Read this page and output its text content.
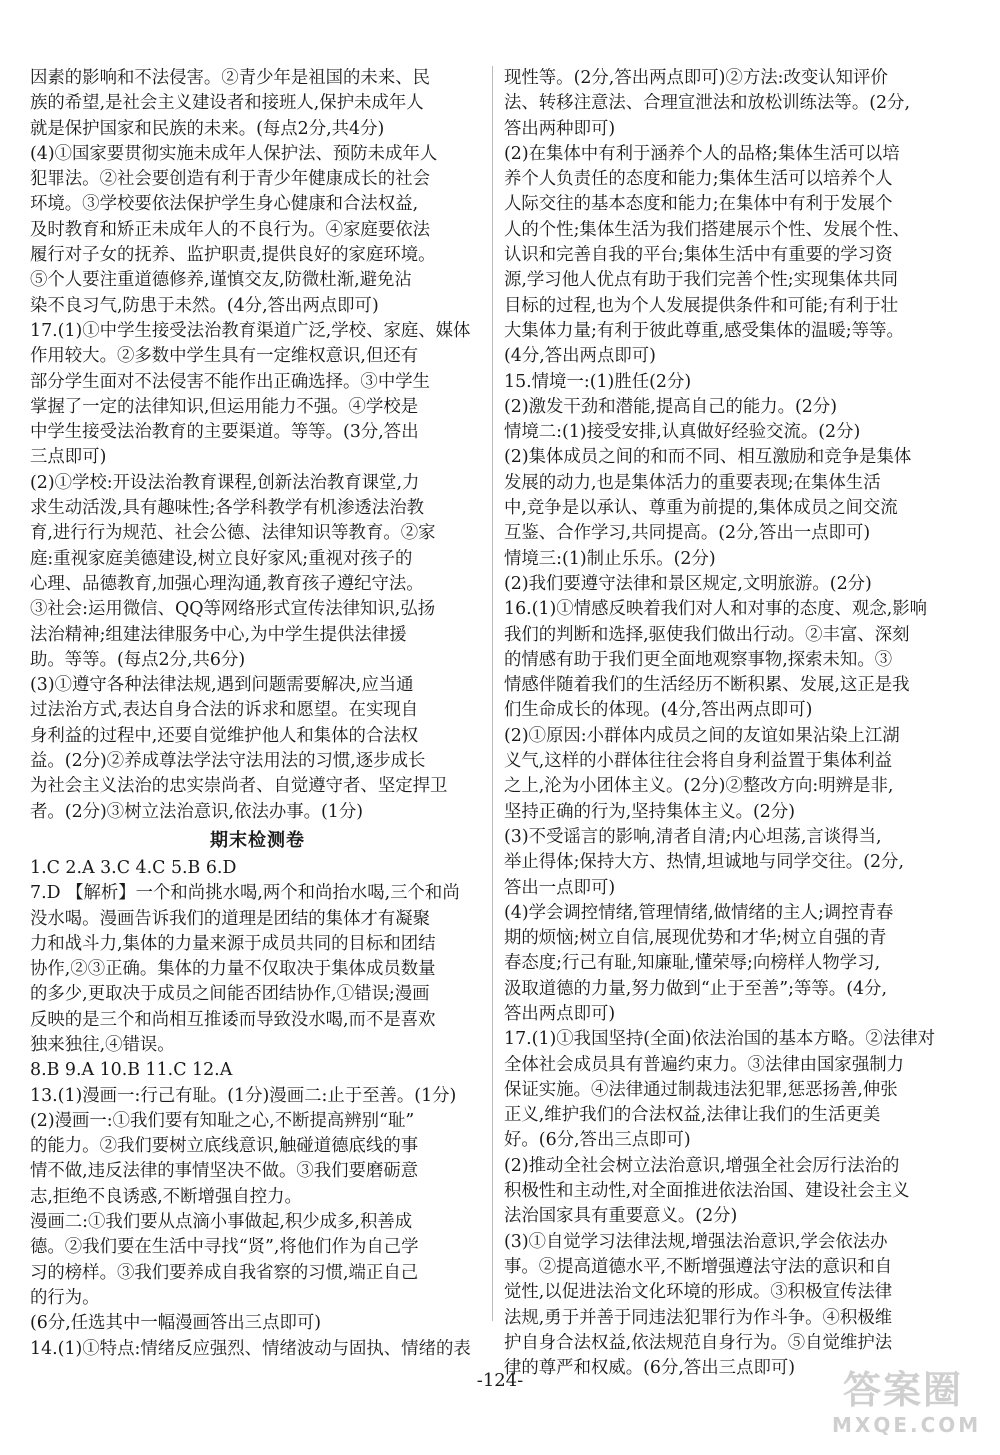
因素的影响和不法侵害。②青少年是祖国的未来、民
族的希望,是社会主义建设者和接班人,保护未成年人
就是保护国家和民族的未来。(每点2分,共4分)
(4)①国家要贯彻实施未成年人保护法、预防未成年人
犯罪法。②社会要创造有利于青少年健康成长的社会
环境。③学校要依法保护学生身心健康和合法权益,
及时教育和矫正未成年人的不良行为。④家庭要依法
履行对子女的抚养、监护职责,提供良好的家庭环境。
⑤个人要注重道德修养,谨慎交友,防微杜渐,避免沾
染不良习气,防患于未然。(4分,答出两点即可)
17.(1)①中学生接受法治教育渠道广泛,学校、家庭、媒体
作用较大。②多数中学生具有一定维权意识,但还有
部分学生面对不法侵害不能作出正确选择。③中学生
掌握了一定的法律知识,但运用能力不强。④学校是
中学生接受法治教育的主要渠道。等等。(3分,答出
三点即可)
(2)①学校:开设法治教育课程,创新法治教育课堂,力
求生动活泼,具有趣味性;各学科教学有机渗透法治教
育,进行行为规范、社会公德、法律知识等教育。②家
庭:重视家庭美德建设,树立良好家风;重视对孩子的
心理、品德教育,加强心理沟通,教育孩子遵纪守法。
③社会:运用微信、QQ等网络形式宣传法律知识,弘扬
法治精神;组建法律服务中心,为中学生提供法律援
助。等等。(每点2分,共6分)
(3)①遵守各种法律法规,遇到问题需要解决,应当通
过法治方式,表达自身合法的诉求和愿望。在实现自
身利益的过程中,还要自觉维护他人和集体的合法权
益。(2分)②养成尊法学法守法用法的习惯,逐步成长
为社会主义法治的忠实崇尚者、自觉遵守者、坚定捍卫
者。(2分)③树立法治意识,依法办事。(1分)
期末检测卷
1.C 2.A 3.C 4.C 5.B 6.D
7.D 【解析】一个和尚挑水喝,两个和尚抬水喝,三个和尚
没水喝。漫画告诉我们的道理是团结的集体才有凝聚
力和战斗力,集体的力量来源于成员共同的目标和团结
协作,②③正确。集体的力量不仅取决于集体成员数量
的多少,更取决于成员之间能否团结协作,①错误;漫画
反映的是三个和尚相互推诿而导致没水喝,而不是喜欢
独来独往,④错误。
8.B 9.A 10.B 11.C 12.A
13.(1)漫画一:行己有耻。(1分)漫画二:止于至善。(1分)
(2)漫画一:①我们要有知耻之心,不断提高辨别“耻”
的能力。②我们要树立底线意识,触碰道德底线的事
情不做,违反法律的事情坚决不做。③我们要磨砺意
志,拒绝不良诱惑,不断增强自控力。
漫画二:①我们要从点滴小事做起,积少成多,积善成
德。②我们要在生活中寻找“贤”,将他们作为自己学
习的榜样。③我们要养成自我省察的习惯,端正自己
的行为。
(6分,任选其中一幅漫画答出三点即可)
14.(1)①特点:情绪反应强烈、情绪波动与固执、情绪的表
现性等。(2分,答出两点即可)②方法:改变认知评价
法、转移注意法、合理宣泄法和放松训练法等。(2分,
答出两种即可)
(2)在集体中有利于涵养个人的品格;集体生活可以培
养个人负责任的态度和能力;集体生活可以培养个人
人际交往的基本态度和能力;在集体中有利于发展个
人的个性;集体生活为我们搭建展示个性、发展个性、
认识和完善自我的平台;集体生活中有重要的学习资
源,学习他人优点有助于我们完善个性;实现集体共同
目标的过程,也为个人发展提供条件和可能;有利于壮
大集体力量;有利于彼此尊重,感受集体的温暖;等等。
(4分,答出两点即可)
15.情境一:(1)胜任(2分)
(2)激发干劲和潜能,提高自己的能力。(2分)
情境二:(1)接受安排,认真做好经验交流。(2分)
(2)集体成员之间的和而不同、相互激励和竞争是集体
发展的动力,也是集体活力的重要表现;在集体生活
中,竞争是以承认、尊重为前提的,集体成员之间交流
互鉴、合作学习,共同提高。(2分,答出一点即可)
情境三:(1)制止乐乐。(2分)
(2)我们要遵守法律和景区规定,文明旅游。(2分)
16.(1)①情感反映着我们对人和对事的态度、观念,影响
我们的判断和选择,驱使我们做出行动。②丰富、深刻
的情感有助于我们更全面地观察事物,探索未知。③
情感伴随着我们的生活经历不断积累、发展,这正是我
们生命成长的体现。(4分,答出两点即可)
(2)①原因:小群体内成员之间的友谊如果沾染上江湖
义气,这样的小群体往往会将自身利益置于集体利益
之上,沦为小团体主义。(2分)②整改方向:明辨是非,
坚持正确的行为,坚持集体主义。(2分)
(3)不受谣言的影响,清者自清;内心坦荡,言谈得当,
举止得体;保持大方、热情,坦诚地与同学交往。(2分,
答出一点即可)
(4)学会调控情绪,管理情绪,做情绪的主人;调控青春
期的烦恼;树立自信,展现优势和才华;树立自强的青
春态度;行己有耻,知廉耻,懂荣辱;向榜样人物学习,
汲取道德的力量,努力做到“止于至善”;等等。(4分,
答出两点即可)
17.(1)①我国坚持(全面)依法治国的基本方略。②法律对
全体社会成员具有普遍约束力。③法律由国家强制力
保证实施。④法律通过制裁违法犯罪,惩恶扬善,伸张
正义,维护我们的合法权益,法律让我们的生活更美
好。(6分,答出三点即可)
(2)推动全社会树立法治意识,增强全社会厉行法治的
积极性和主动性,对全面推进依法治国、建设社会主义
法治国家具有重要意义。(2分)
(3)①自觉学习法律法规,增强法治意识,学会依法办
事。②提高道德水平,不断增强遵法守法的意识和自
觉性,以促进法治文化环境的形成。③积极宣传法律
法规,勇于并善于同违法犯罪行为作斗争。④积极维
护自身合法权益,依法规范自身行为。⑤自觉维护法
律的尊严和权威。(6分,答出三点即可)
-124-	答案圈
MXQE.COM
